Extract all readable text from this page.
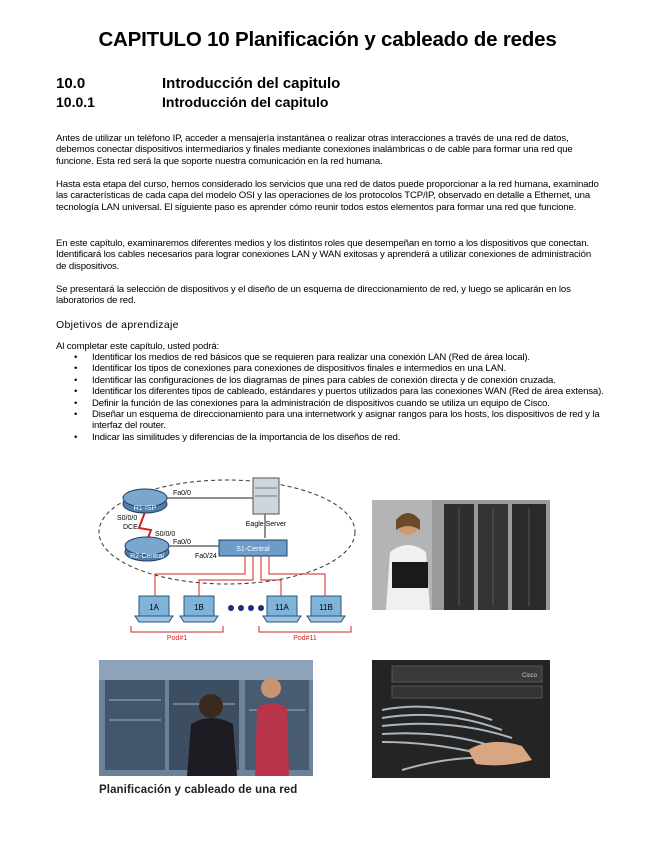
CAPITULO 10 Planificación y cableado de redes
10.0	Introducción del capitulo
10.0.1	Introducción del capitulo
Antes de utilizar un teléfono IP, acceder a mensajería instantánea o realizar otras interacciones a través de una red de datos, debemos conectar dispositivos intermediarios y finales mediante conexiones inalámbricas o de cable para formar una red que funcione. Esta red será la que soporte nuestra comunicación en la red humana.
Hasta esta etapa del curso, hemos considerado los servicios que una red de datos puede proporcionar a la red humana, examinado las características de cada capa del modelo OSI y las operaciones de los protocolos TCP/IP, observado en detalle a Ethernet, una tecnología LAN universal. El siguiente paso es aprender cómo reunir todos estos elementos para formar una red que funcione.
En este capítulo, examinaremos diferentes medios y los distintos roles que desempeñan en torno a los dispositivos que conectan. Identificará los cables necesarios para lograr conexiones LAN y WAN exitosas y aprenderá a utilizar conexiones de administración de dispositivos.
Se presentará la selección de dispositivos y el diseño de un esquema de direccionamiento de red, y luego se aplicarán en los laboratorios de red.
Objetivos de aprendizaje
Al completar este capítulo, usted podrá:
• Identificar los medios de red básicos que se requieren para realizar una conexión LAN (Red de área local).
• Identificar los tipos de conexiones para conexiones de dispositivos finales e intermedios en una LAN.
• Identificar las configuraciones de los diagramas de pines para cables de conexión directa y de conexión cruzada.
• Identificar los diferentes tipos de cableado, estándares y puertos utilizados para las conexiones WAN (Red de área extensa).
• Definir la función de las conexiones para la administración de dispositivos cuando se utiliza un equipo de Cisco.
• Diseñar un esquema de direccionamiento para una internetwork y asignar rangos para los hosts, los dispositivos de red y la interfaz del router.
• Indicar las similitudes y diferencias de la importancia de los diseños de red.
R1-ISP
R2-Central
Eagle Server
S1-Central
Fa0/0
S0/0/0
DCE
S0/0/0
Fa0/0
Fa0/24
1A	1B	11A	11B
Pod#1	Pod#11
Cisco
Planificación y cableado de una red
